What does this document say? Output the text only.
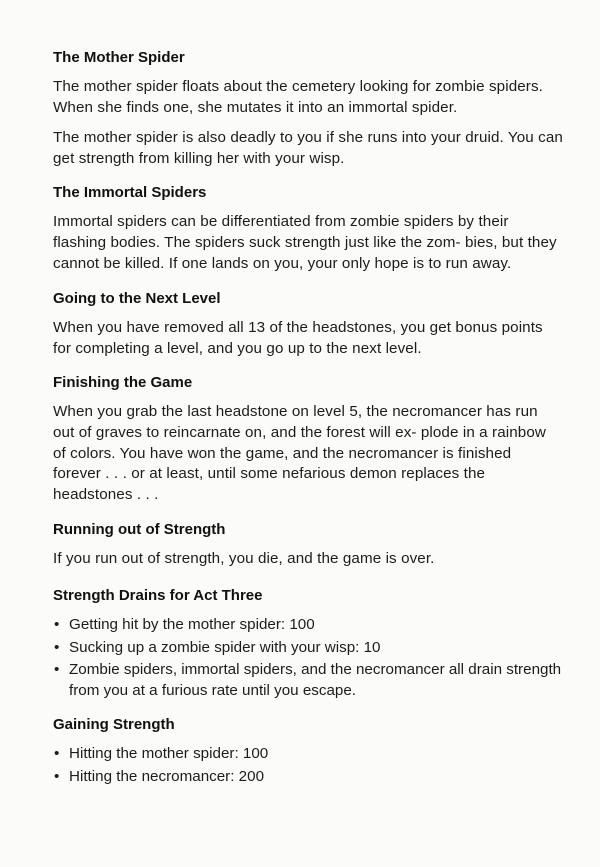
The Mother Spider

The mother spider floats about the cemetery looking for zombie spiders. When she finds one, she mutates it into an immortal spider.

The mother spider is also deadly to you if she runs into your druid. You can get strength from killing her with your wisp.

The Immortal Spiders

Immortal spiders can be differentiated from zombie spiders by their flashing bodies. The spiders suck strength just like the zom- bies, but they cannot be killed. If one lands on you, your only hope is to run away.

Going to the Next Level

When you have removed all 13 of the headstones, you get bonus points for completing a level, and you go up to the next level.

Finishing the Game

When you grab the last headstone on level 5, the necromancer has run out of graves to reincarnate on, and the forest will ex- plode in a rainbow of colors. You have won the game, and the necromancer is finished forever . . . or at least, until some nefarious demon replaces the headstones . . .

Running out of Strength

If you run out of strength, you die, and the game is over.

Strength Drains for Act Three
• Getting hit by the mother spider: 100
• Sucking up a zombie spider with your wisp: 10
• Zombie spiders, immortal spiders, and the necromancer all drain strength from you at a furious rate until you escape.
Gaining Strength
• Hitting the mother spider: 100
• Hitting the necromancer: 200
